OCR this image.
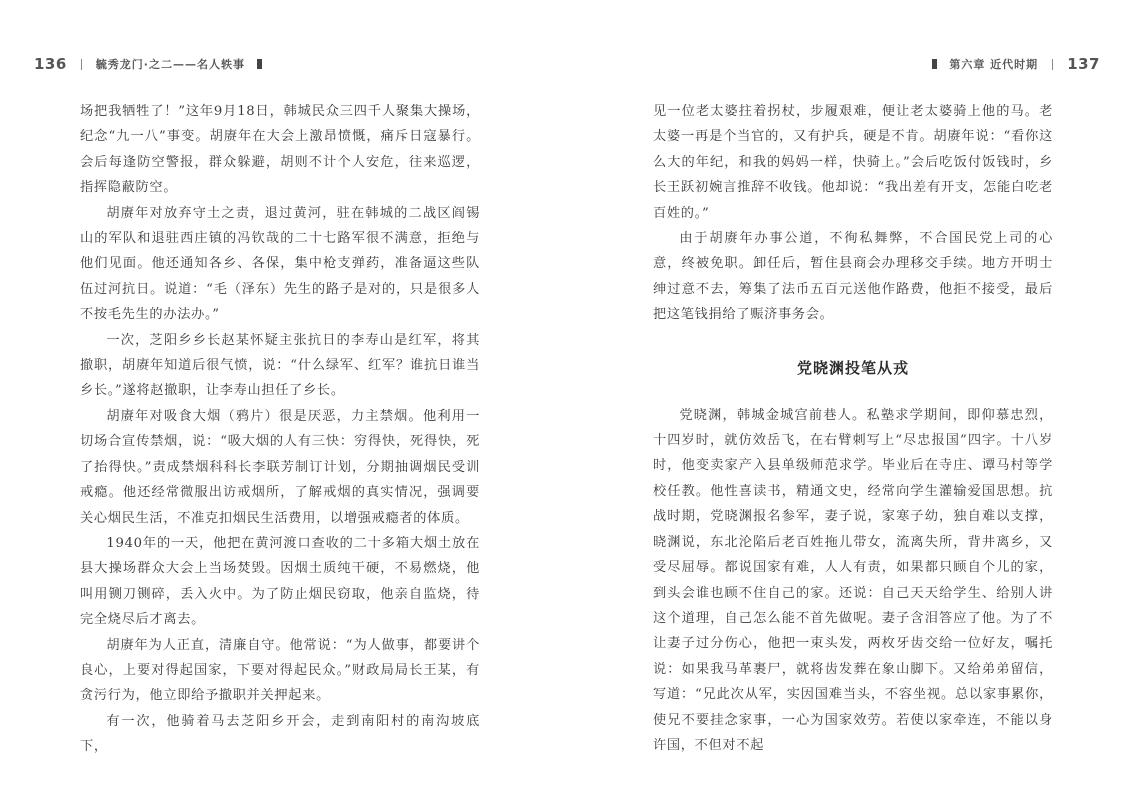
136	毓秀龙门·之二——名人轶事

场把我牺牲了！”这年9月18日，韩城民众三四千人聚集大操场，纪念“九一八”事变。胡赓年在大会上激昂愤慨，痛斥日寇暴行。会后每逢防空警报，群众躲避，胡则不计个人安危，往来巡逻，指挥隐蔽防空。

胡赓年对放弃守土之责，退过黄河，驻在韩城的二战区阎锡山的军队和退驻西庄镇的冯钦哉的二十七路军很不满意，拒绝与他们见面。他还通知各乡、各保，集中枪支弹药，准备逼这些队伍过河抗日。说道：“毛（泽东）先生的路子是对的，只是很多人不按毛先生的办法办。”

一次，芝阳乡乡长赵某怀疑主张抗日的李寿山是红军，将其撤职，胡赓年知道后很气愤，说：“什么绿军、红军？谁抗日谁当乡长。”遂将赵撤职，让李寿山担任了乡长。

胡赓年对吸食大烟（鸦片）很是厌恶，力主禁烟。他利用一切场合宣传禁烟，说：“吸大烟的人有三快：穷得快，死得快，死了抬得快。”责成禁烟科科长李联芳制订计划，分期抽调烟民受训戒瘾。他还经常微服出访戒烟所，了解戒烟的真实情况，强调要关心烟民生活，不准克扣烟民生活费用，以增强戒瘾者的体质。

1940年的一天，他把在黄河渡口查收的二十多箱大烟土放在县大操场群众大会上当场焚毁。因烟土质纯干硬，不易燃烧，他叫用铡刀铡碎，丢入火中。为了防止烟民窃取，他亲自监烧，待完全烧尽后才离去。

胡赓年为人正直，清廉自守。他常说：“为人做事，都要讲个良心，上要对得起国家，下要对得起民众。”财政局局长王某，有贪污行为，他立即给予撤职并关押起来。

有一次，他骑着马去芝阳乡开会，走到南阳村的南沟坡底下，

第六章 近代时期 137

见一位老太婆拄着拐杖，步履艰难，便让老太婆骑上他的马。老太婆一再是个当官的，又有护兵，硬是不肯。胡赓年说：“看你这么大的年纪，和我的妈妈一样，快骑上。”会后吃饭付饭钱时，乡长王跃初婉言推辞不收钱。他却说：“我出差有开支，怎能白吃老百姓的。”

由于胡赓年办事公道，不徇私舞弊，不合国民党上司的心意，终被免职。卸任后，暂住县商会办理移交手续。地方开明士绅过意不去，筹集了法币五百元送他作路费，他拒不接受，最后把这笔钱捐给了赈济事务会。

党晓渊投笔从戎

党晓渊，韩城金城宫前巷人。私塾求学期间，即仰慕忠烈，十四岁时，就仿效岳飞，在右臂刺写上“尽忠报国”四字。十八岁时，他变卖家产入县单级师范求学。毕业后在寺庄、谭马村等学校任教。他性喜读书，精通文史，经常向学生灌输爱国思想。抗战时期，党晓渊报名参军，妻子说，家寒子幼，独自难以支撑，晓渊说，东北沦陷后老百姓拖儿带女，流离失所，背井离乡，又受尽屈辱。都说国家有难，人人有责，如果都只顾自个儿的家，到头会谁也顾不住自己的家。还说：自己天天给学生、给别人讲这个道理，自己怎么能不首先做呢。妻子含泪答应了他。为了不让妻子过分伤心，他把一束头发，两枚牙齿交给一位好友，嘱托说：如果我马革裹尸，就将齿发葬在象山脚下。又给弟弟留信，写道：“兄此次从军，实因国难当头，不容坐视。总以家事累你，使兄不要挂念家事，一心为国家效劳。若使以家牵连，不能以身许国，不但对不起
